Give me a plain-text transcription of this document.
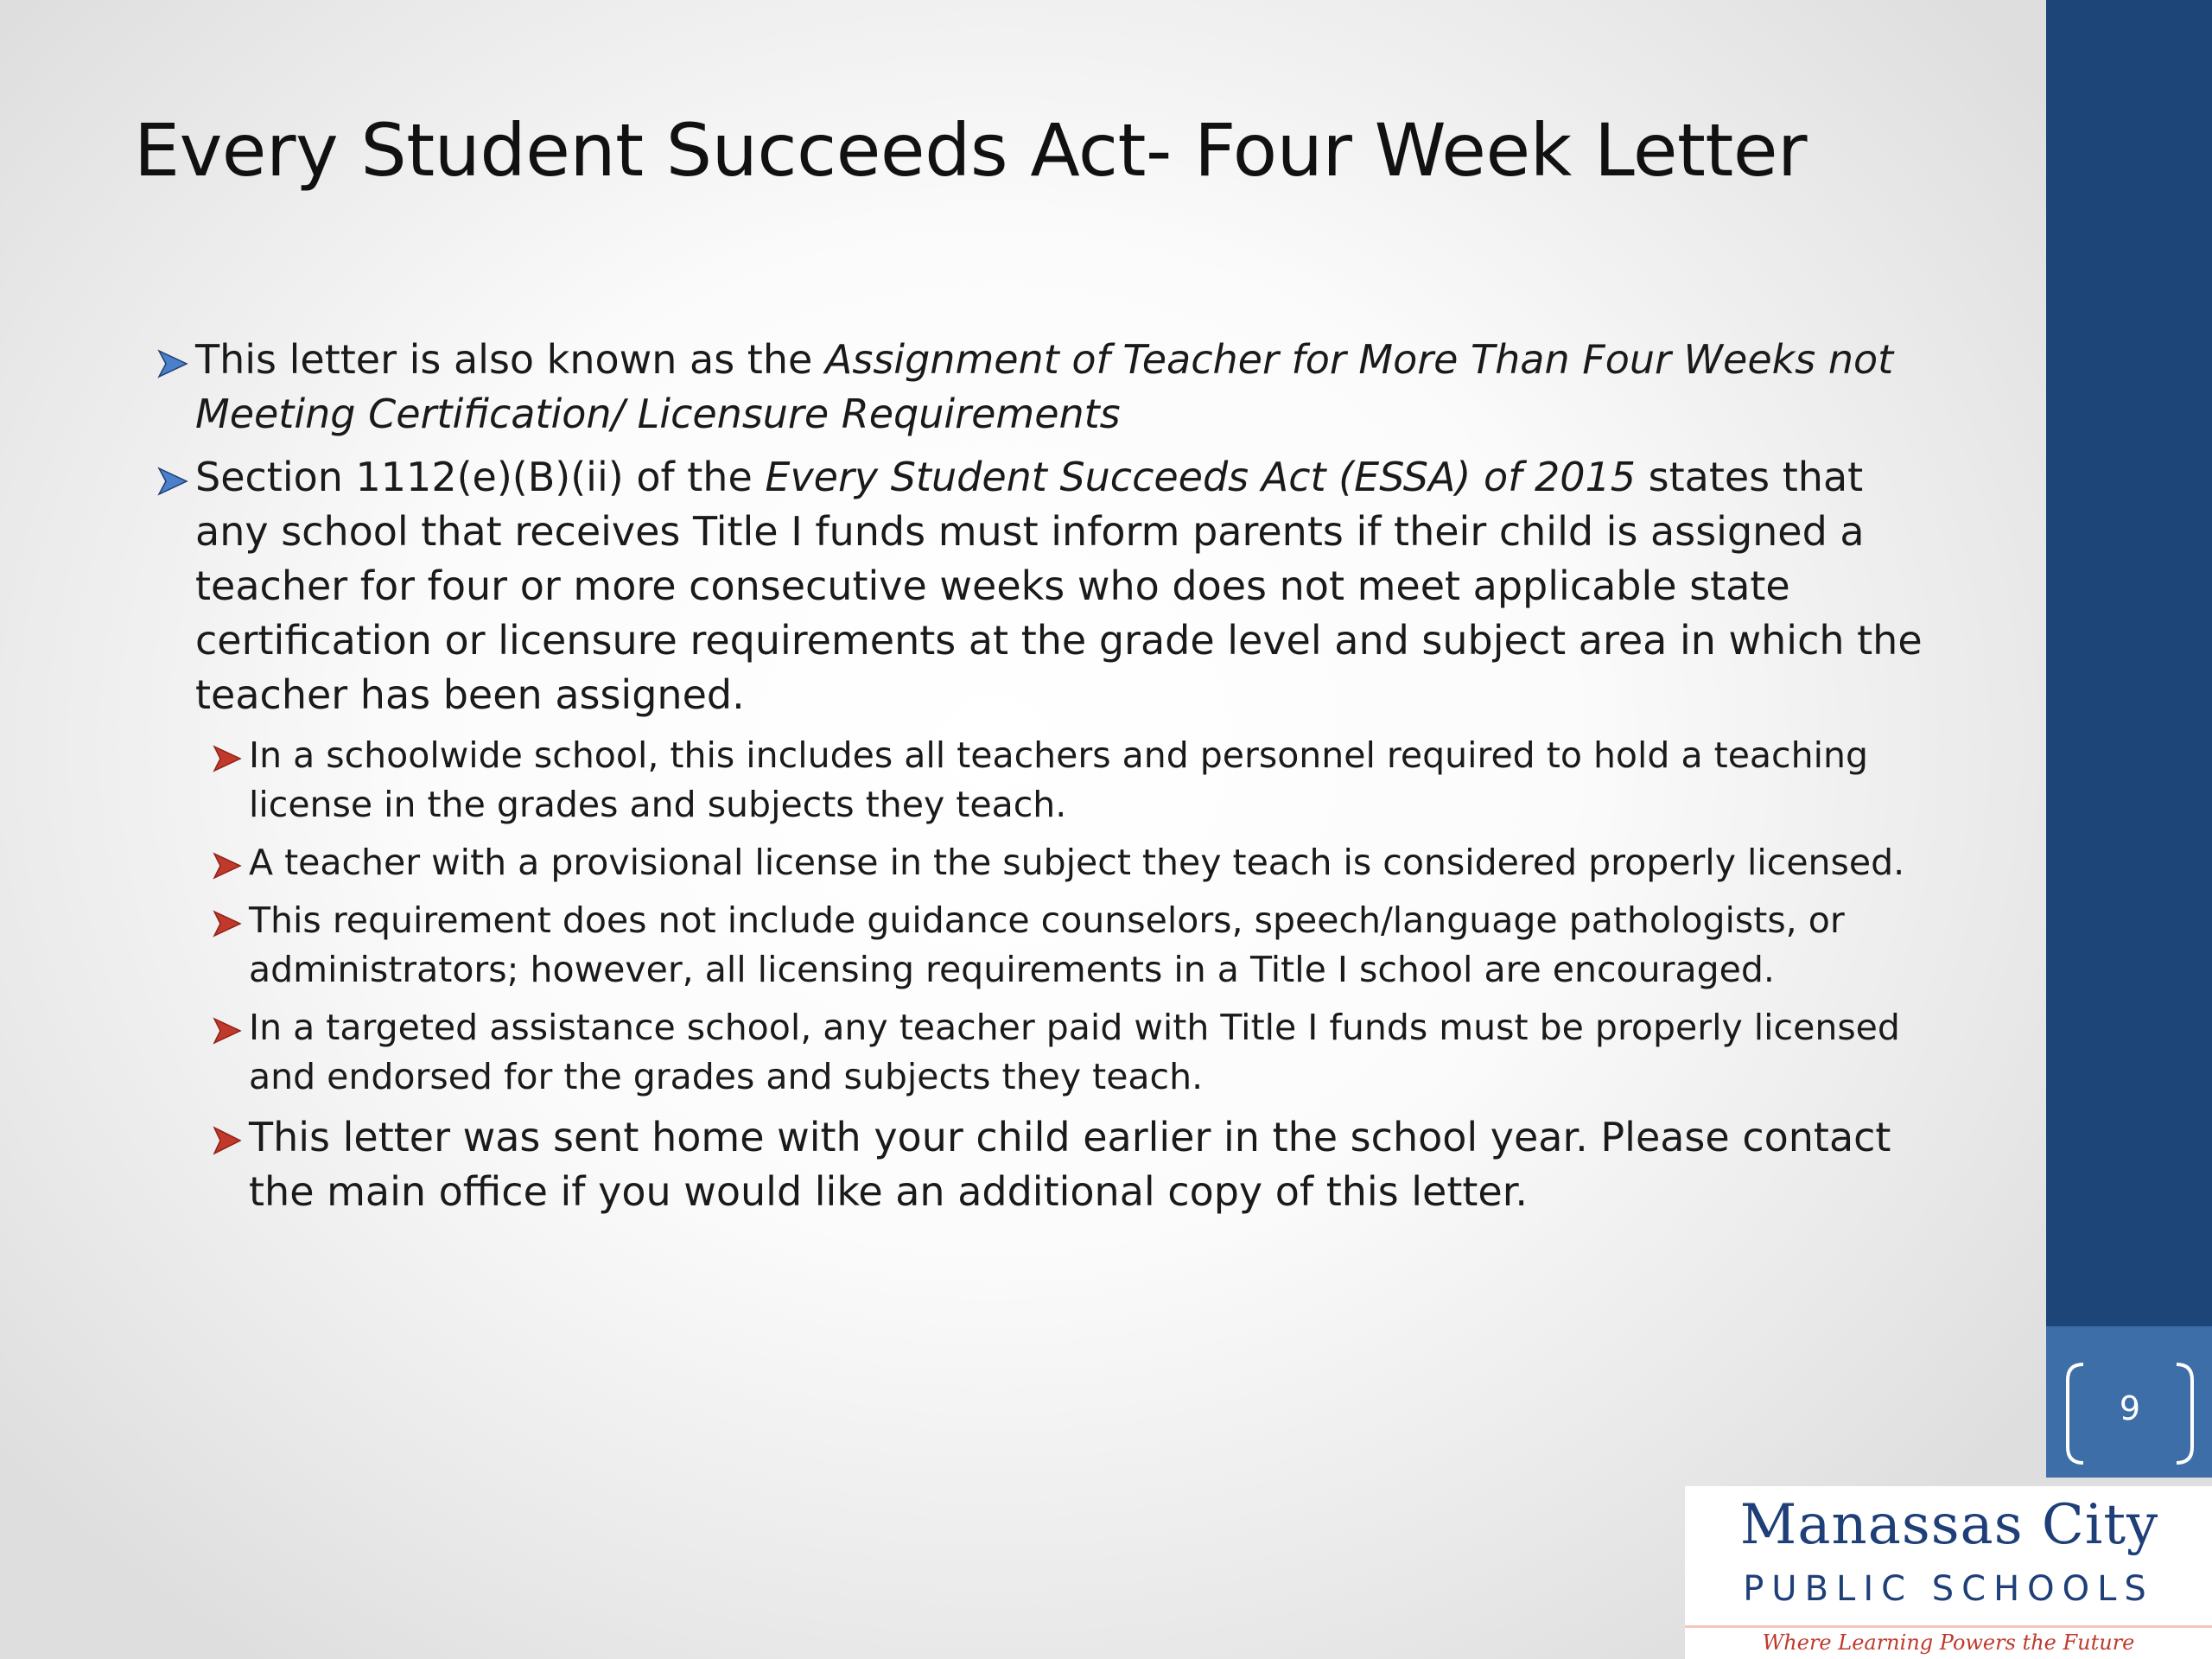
Every Student Succeeds Act- Four Week Letter

This letter is also known as the Assignment of Teacher for More Than Four Weeks not Meeting Certification/ Licensure Requirements

Section 1112(e)(B)(ii) of the Every Student Succeeds Act (ESSA) of 2015 states that any school that receives Title I funds must inform parents if their child is assigned a teacher for four or more consecutive weeks who does not meet applicable state certification or licensure requirements at the grade level and subject area in which the teacher has been assigned.

In a schoolwide school, this includes all teachers and personnel required to hold a teaching license in the grades and subjects they teach.

A teacher with a provisional license in the subject they teach is considered properly licensed.

This requirement does not include guidance counselors, speech/language pathologists, or administrators; however, all licensing requirements in a Title I school are encouraged.

In a targeted assistance school, any teacher paid with Title I funds must be properly licensed and endorsed for the grades and subjects they teach.

This letter was sent home with your child earlier in the school year. Please contact the main office if you would like an additional copy of this letter.

9
Manassas City
PUBLIC SCHOOLS
Where Learning Powers the Future
